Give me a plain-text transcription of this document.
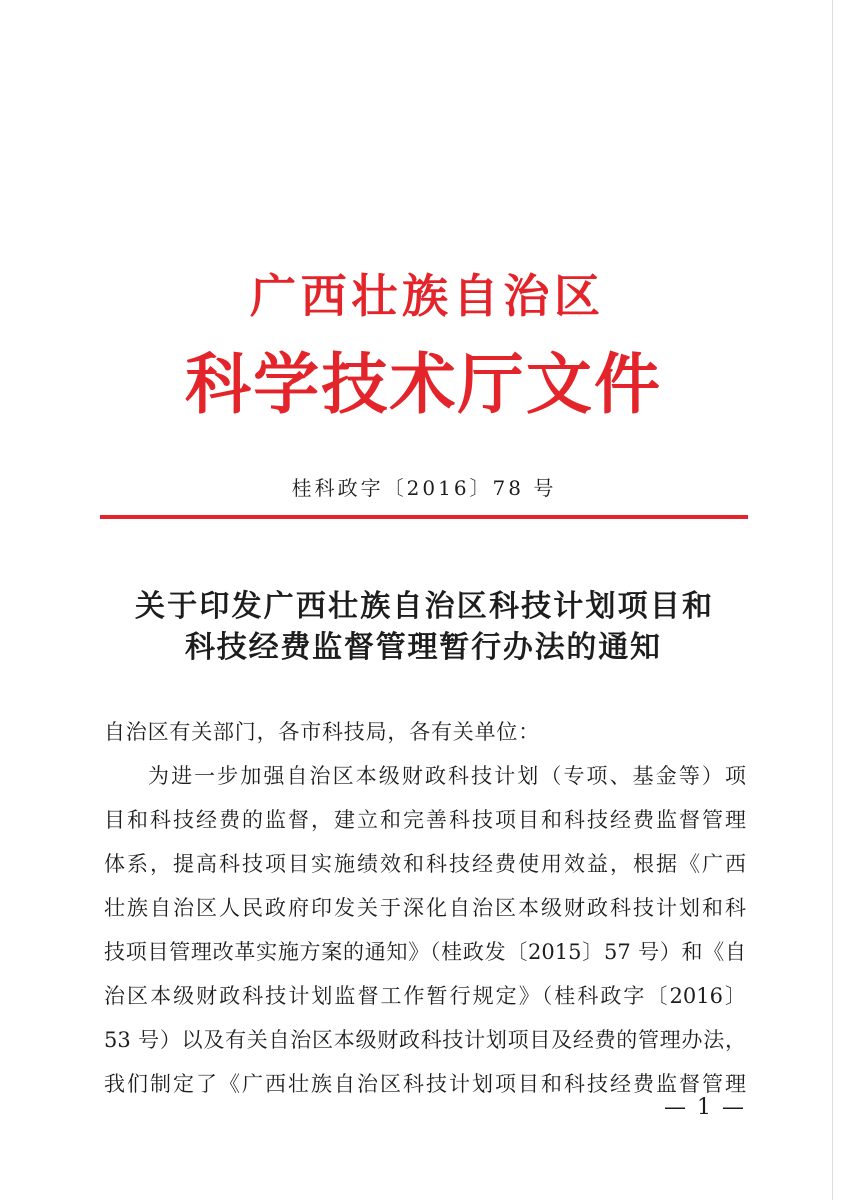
广西壮族自治区
科学技术厅文件
桂科政字〔2016〕78 号
关于印发广西壮族自治区科技计划项目和
科技经费监督管理暂行办法的通知
自治区有关部门，各市科技局，各有关单位：
为进一步加强自治区本级财政科技计划（专项、基金等）项
目和科技经费的监督，建立和完善科技项目和科技经费监督管理
体系，提高科技项目实施绩效和科技经费使用效益，根据《广西
壮族自治区人民政府印发关于深化自治区本级财政科技计划和科
技项目管理改革实施方案的通知》（桂政发〔2015〕57 号）和《自
治区本级财政科技计划监督工作暂行规定》（桂科政字〔2016〕
53 号）以及有关自治区本级财政科技计划项目及经费的管理办法，
我们制定了《广西壮族自治区科技计划项目和科技经费监督管理
— 1 —
